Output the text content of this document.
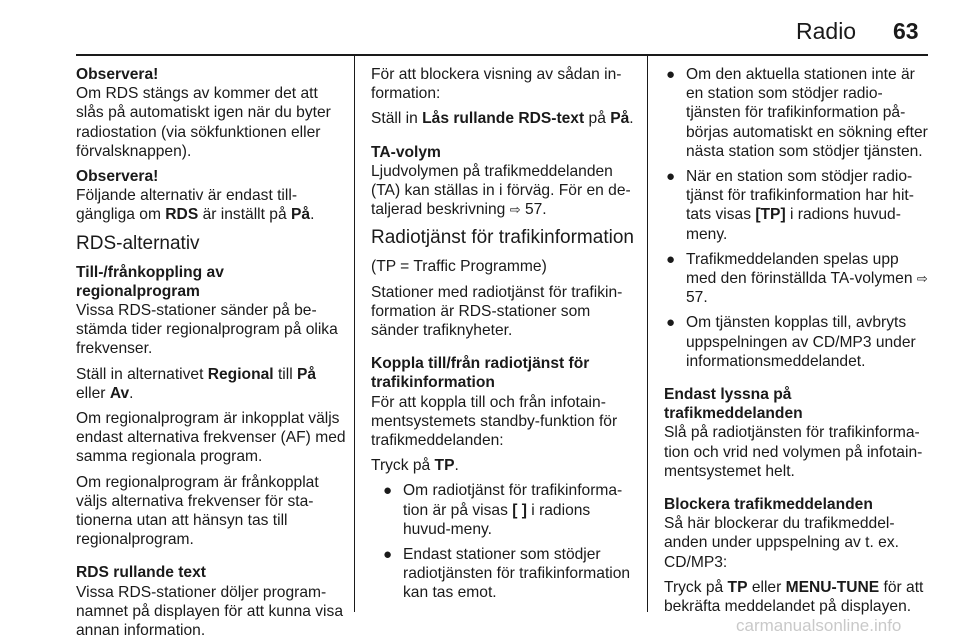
Radio 63

Observera!
Om RDS stängs av kommer det att slås på automatiskt igen när du byter radiostation (via sökfunktionen eller förvalsknappen).

Observera!
Följande alternativ är endast till-gängliga om RDS är inställt på På.

RDS-alternativ

Till-/frånkoppling av regionalprogram
Vissa RDS-stationer sänder på be-stämda tider regionalprogram på olika frekvenser.

Ställ in alternativet Regional till På eller Av.

Om regionalprogram är inkopplat väljs endast alternativa frekvenser (AF) med samma regionala program.

Om regionalprogram är frånkopplat väljs alternativa frekvenser för sta-tionerna utan att hänsyn tas till regionalprogram.

RDS rullande text
Vissa RDS-stationer döljer program-namnet på displayen för att kunna visa annan information.

För att blockera visning av sådan in-formation:

Ställ in Lås rullande RDS-text på På.

TA-volym
Ljudvolymen på trafikmeddelanden (TA) kan ställas in i förväg. För en de-taljerad beskrivning ⇨ 57.

Radiotjänst för trafikinformation

(TP = Traffic Programme)

Stationer med radiotjänst för trafikin-formation är RDS-stationer som sänder trafiknyheter.

Koppla till/från radiotjänst för trafikinformation
För att koppla till och från infotain-mentsystemets standby-funktion för trafikmeddelanden:

Tryck på TP.

● Om radiotjänst för trafikinforma-tion är på visas [ ] i radions huvud-meny.
● Endast stationer som stödjer radiotjänsten för trafikinformation kan tas emot.
● Om den aktuella stationen inte är en station som stödjer radio-tjänsten för trafikinformation på-börjas automatiskt en sökning efter nästa station som stödjer tjänsten.
● När en station som stödjer radio-tjänst för trafikinformation har hit-tats visas [TP] i radions huvud-meny.
● Trafikmeddelanden spelas upp med den förinställda TA-volymen ⇨ 57.
● Om tjänsten kopplas till, avbryts uppspelningen av CD/MP3 under informationsmeddelandet.

Endast lyssna på trafikmeddelanden
Slå på radiotjänsten för trafikinforma-tion och vrid ned volymen på infotain-mentsystemet helt.

Blockera trafikmeddelanden
Så här blockerar du trafikmeddel-anden under uppspelning av t. ex. CD/MP3:

Tryck på TP eller MENU-TUNE för att bekräfta meddelandet på displayen.

carmanualsonline.info
